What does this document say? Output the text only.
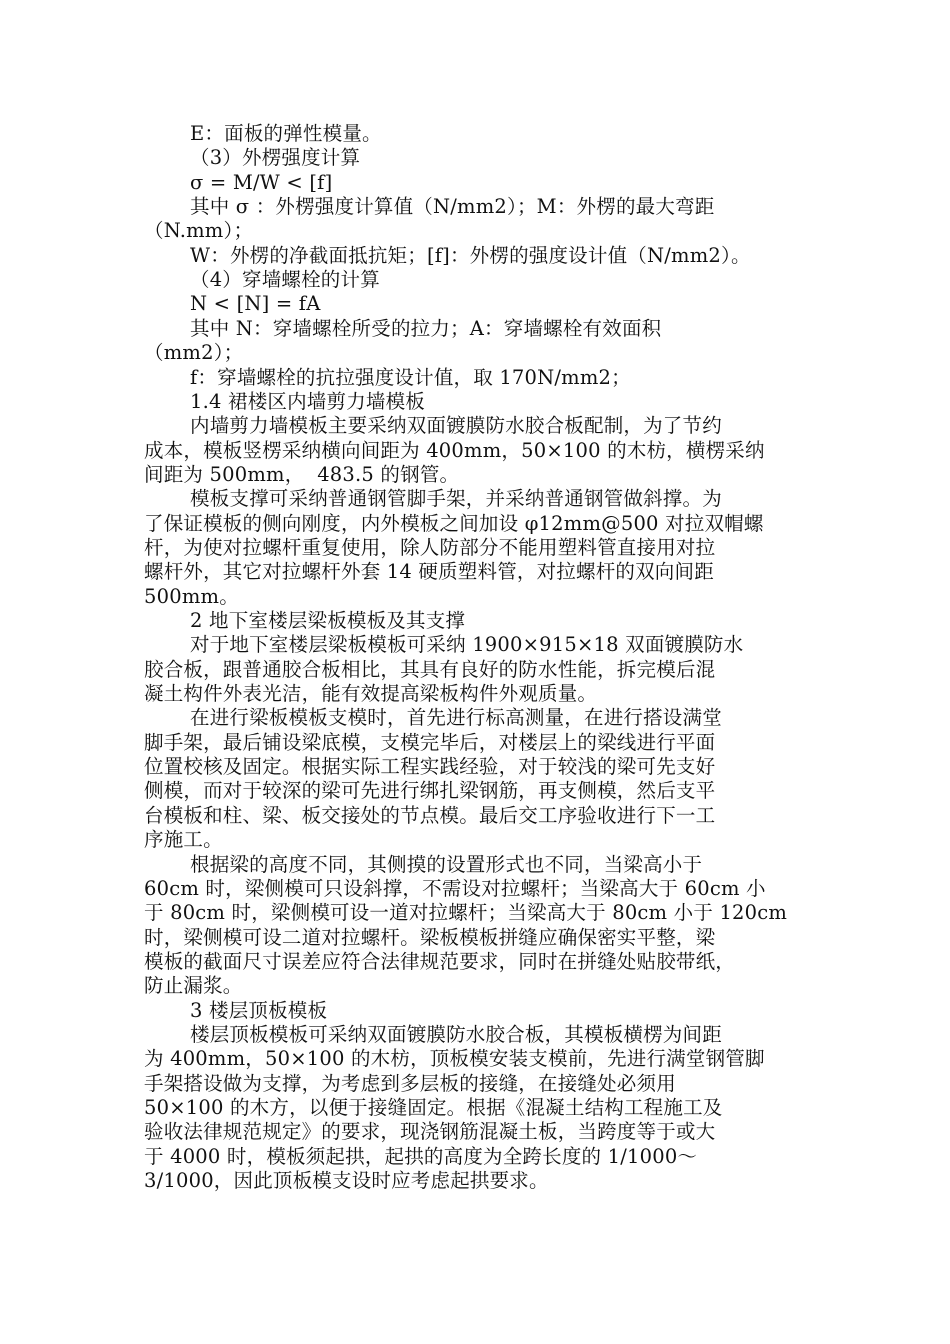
E：面板的弹性模量。
（3）外楞强度计算
σ = M/W < [f]
其中 σ ：外楞强度计算值（N/mm2）；M：外楞的最大弯距
（N.mm）；
W：外楞的净截面抵抗矩；[f]：外楞的强度设计值（N/mm2）。
（4）穿墙螺栓的计算
N < [N] = fA
其中 N：穿墙螺栓所受的拉力；A：穿墙螺栓有效面积
（mm2）；
f：穿墙螺栓的抗拉强度设计值，取 170N/mm2；
1.4 裙楼区内墙剪力墙模板
内墙剪力墙模板主要采纳双面镀膜防水胶合板配制，为了节约
成本，模板竖楞采纳横向间距为 400mm，50×100 的木枋，横楞采纳
间距为 500mm，  483.5 的钢管。
模板支撑可采纳普通钢管脚手架，并采纳普通钢管做斜撑。为
了保证模板的侧向刚度，内外模板之间加设 φ12mm@500 对拉双帽螺
杆，为使对拉螺杆重复使用，除人防部分不能用塑料管直接用对拉
螺杆外，其它对拉螺杆外套 14 硬质塑料管，对拉螺杆的双向间距
500mm。
2 地下室楼层梁板模板及其支撑
对于地下室楼层梁板模板可采纳 1900×915×18 双面镀膜防水
胶合板，跟普通胶合板相比，其具有良好的防水性能，拆完模后混
凝土构件外表光洁，能有效提高梁板构件外观质量。
在进行梁板模板支模时，首先进行标高测量，在进行搭设满堂
脚手架，最后铺设梁底模，支模完毕后，对楼层上的梁线进行平面
位置校核及固定。根据实际工程实践经验，对于较浅的梁可先支好
侧模，而对于较深的梁可先进行绑扎梁钢筋，再支侧模，然后支平
台模板和柱、梁、板交接处的节点模。最后交工序验收进行下一工
序施工。
根据梁的高度不同，其侧摸的设置形式也不同，当梁高小于
60cm 时，梁侧模可只设斜撑，不需设对拉螺杆；当梁高大于 60cm 小
于 80cm 时，梁侧模可设一道对拉螺杆；当梁高大于 80cm 小于 120cm
时，梁侧模可设二道对拉螺杆。梁板模板拼缝应确保密实平整，梁
模板的截面尺寸误差应符合法律规范要求，同时在拼缝处贴胶带纸，
防止漏浆。
3 楼层顶板模板
楼层顶板模板可采纳双面镀膜防水胶合板，其模板横楞为间距
为 400mm，50×100 的木枋，顶板模安装支模前，先进行满堂钢管脚
手架搭设做为支撑，为考虑到多层板的接缝，在接缝处必须用
50×100 的木方，以便于接缝固定。根据《混凝土结构工程施工及
验收法律规范规定》的要求，现浇钢筋混凝土板，当跨度等于或大
于 4000 时，模板须起拱，起拱的高度为全跨长度的 1/1000～
3/1000，因此顶板模支设时应考虑起拱要求。
